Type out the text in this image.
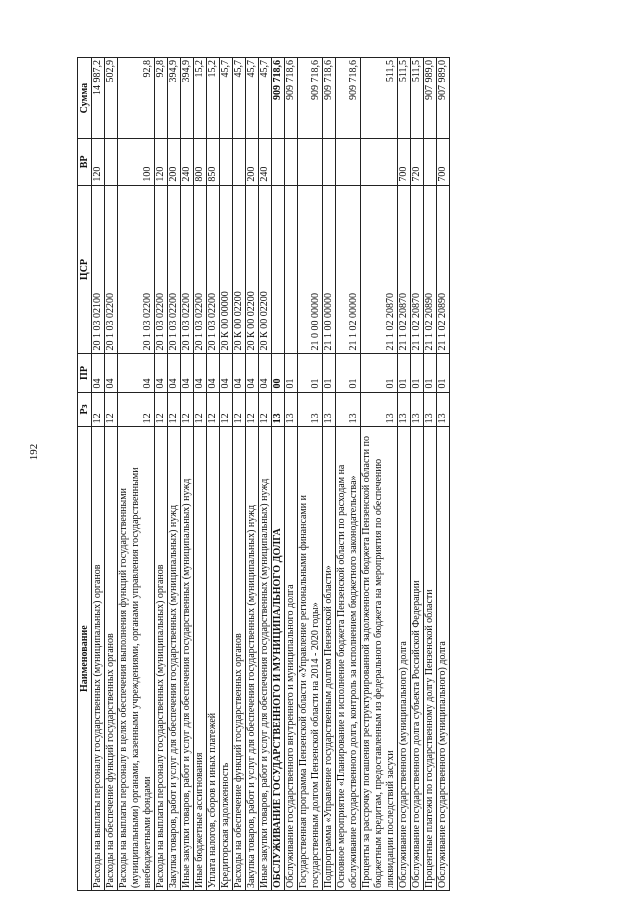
192
Наименование	Рз	ПР	ЦСР	ВР	Сумма
Расходы на выплаты персоналу государственных (муниципальных) органов	12	04	20 1 03 02100	120	14 987,2
Расходы на обеспечение функций государственных органов	12	04	20 1 03 02200		502,9
Расходы на выплаты персоналу в целях обеспечения выполнения функций государственными (муниципальными) органами, казенными учреждениями, органами управления государственными внебюджетными фондами	12	04	20 1 03 02200	100	92,8
Расходы на выплаты персоналу государственных (муниципальных) органов	12	04	20 1 03 02200	120	92,8
Закупка товаров, работ и услуг для обеспечения государственных (муниципальных) нужд	12	04	20 1 03 02200	200	394,9
Иные закупки товаров, работ и услуг для обеспечения государственных (муниципальных) нужд	12	04	20 1 03 02200	240	394,9
Иные бюджетные ассигнования	12	04	20 1 03 02200	800	15,2
Уплата налогов, сборов и иных платежей	12	04	20 1 03 02200	850	15,2
Кредиторская задолженность	12	04	20 К 00 00000		45,7
Расходы на обеспечение функций государственных органов	12	04	20 К 00 02200		45,7
Закупка товаров, работ и услуг для обеспечения государственных (муниципальных) нужд	12	04	20 К 00 02200	200	45,7
Иные закупки товаров, работ и услуг для обеспечения государственных (муниципальных) нужд	12	04	20 К 00 02200	240	45,7
ОБСЛУЖИВАНИЕ ГОСУДАРСТВЕННОГО И МУНИЦИПАЛЬНОГО ДОЛГА	13	00			909 718,6
Обслуживание государственного внутреннего и муниципального долга	13	01			909 718,6
Государственная программа Пензенской области «Управление региональными финансами и государственным долгом Пензенской области на 2014 - 2020 годы»	13	01	21 0 00 00000		909 718,6
Подпрограмма «Управление государственным долгом Пензенской области»	13	01	21 1 00 00000		909 718,6
Основное мероприятие «Планирование и исполнение бюджета Пензенской области по расходам на обслуживание государственного долга, контроль за исполнением бюджетного законодательства»	13	01	21 1 02 00000		909 718,6
Проценты за рассрочку погашения реструктурированной задолженности бюджета Пензенской области по бюджетным кредитам, предоставленным из федерального бюджета на мероприятия по обеспечению ликвидации последствий засухи	13	01	21 1 02 20870		511,5
Обслуживание государственного (муниципального) долга	13	01	21 1 02 20870	700	511,5
Обслуживание государственного долга субъекта Российской Федерации	13	01	21 1 02 20870	720	511,5
Процентные платежи по государственному долгу Пензенской области	13	01	21 1 02 20890		907 989,0
Обслуживание государственного (муниципального) долга	13	01	21 1 02 20890	700	907 989,0
